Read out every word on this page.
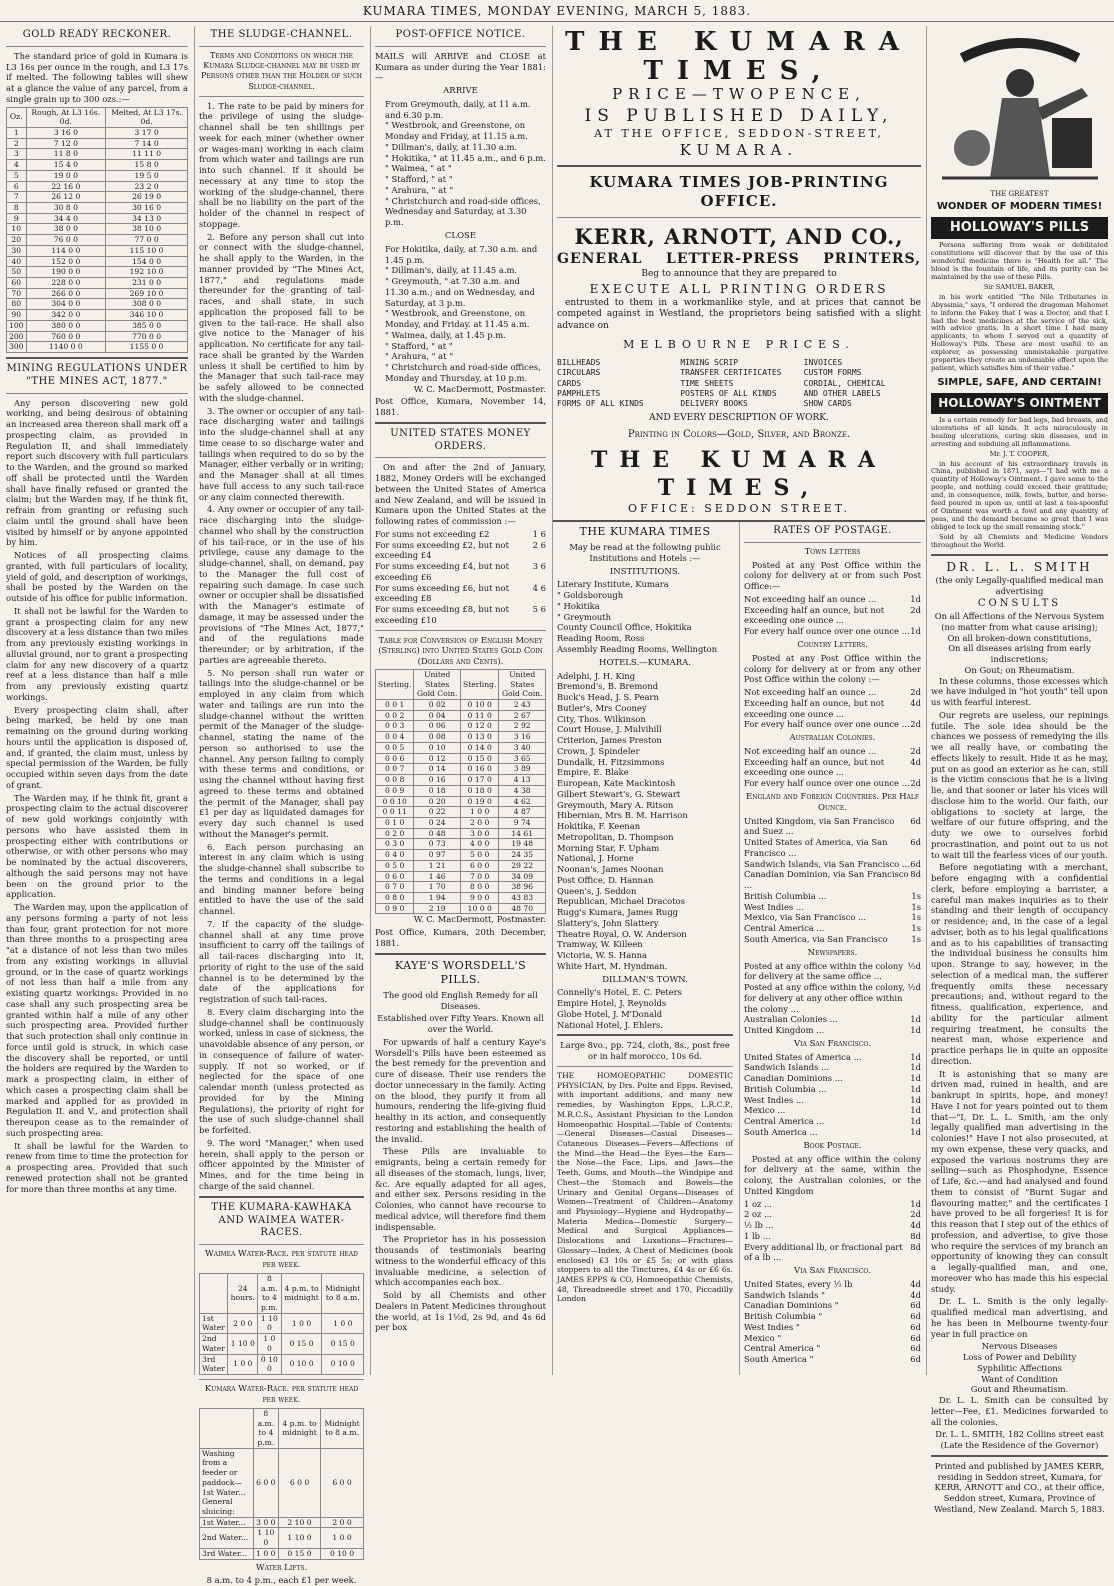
KUMARA TIMES, MONDAY EVENING, MARCH 5, 1883.
GOLD READY RECKONER.

The standard price of gold in Kumara is L3 16s per ounce in the rough, and L3 17s if melted. The following tables will shew at a glance the value of any parcel, from a single grain up to 300 ozs.:—

Oz.	Rough, At L3 16s. 0d.	Melted, At L3 17s. 0d.
1	3 16 0	3 17 0
2	7 12 0	7 14 0
3	11 8 0	11 11 0
4	15 4 0	15 8 0
5	19 0 0	19 5 0
6	22 16 0	23 2 0
7	26 12 0	26 19 0
8	30 8 0	30 16 0
9	34 4 0	34 13 0
10	38 0 0	38 10 0
20	76 0 0	77 0 0
30	114 0 0	115 10 0
40	152 0 0	154 0 0
50	190 0 0	192 10 0
60	228 0 0	231 0 0
70	266 0 0	269 10 0
80	304 0 0	308 0 0
90	342 0 0	346 10 0
100	380 0 0	385 0 0
200	760 0 0	770 0 0
300	1140 0 0	1155 0 0
MINING REGULATIONS UNDER "THE MINES ACT, 1877."

Any person discovering new gold working, and being desirous of obtaining an increased area thereon shall mark off a prospecting claim, as provided in Regulation II, and shall immediately report such discovery with full particulars to the Warden, and the ground so marked off shall be protected until the Warden shall have finally refused or granted the claim; but the Warden may, if he think fit, refrain from granting or refusing such claim until the ground shall have been visited by himself or by anyone appointed by him.

Notices of all prospecting claims granted, with full particulars of locality, yield of gold, and description of workings, shall be posted by the Warden on the outside of his office for public information.

It shall not be lawful for the Warden to grant a prospecting claim for any new discovery at a less distance than two miles from any previously existing workings in alluvial ground, nor to grant a prospecting claim for any new discovery of a quartz reef at a less distance than half a mile from any previously existing quartz workings.

Every prospecting claim shall, after being marked, be held by one man remaining on the ground during working hours until the application is disposed of, and, if granted, the claim must, unless by special permission of the Warden, be fully occupied within seven days from the date of grant.

The Warden may, if he think fit, grant a prospecting claim to the actual discoverer of new gold workings conjointly with persons who have assisted them in prospecting either with contributions or otherwise, or with other persons who may be nominated by the actual discoverers, although the said persons may not have been on the ground prior to the application.

The Warden may, upon the application of any persons forming a party of not less than four, grant protection for not more than three months to a prospecting area "at a distance of not less than two miles from any existing workings in alluvial ground, or in the case of quartz workings of not less than half a mile from any existing quartz workings: Provided in no case shall any such prospecting area be granted within half a mile of any other such prospecting area. Provided further that such protection shall only continue in force until gold is struck, in which case the discovery shall be reported, or until the holders are required by the Warden to mark a prospecting claim, in either of which cases a prospecting claim shall be marked and applied for as provided in Regulation II. and V., and protection shall thereupon cease as to the remainder of such prospecting area.

It shall be lawful for the Warden to renew from time to time the protection for a prospecting area. Provided that such renewed protection shall not be granted for more than three months at any time.

THE SLUDGE-CHANNEL.

Terms and Conditions on which the Kumara Sludge-channel may be used by Persons other than the Holder of such Sludge-channel.

1. The rate to be paid by miners for the privilege of using the sludge-channel shall be ten shillings per week for each miner (whether owner or wages-man) working in each claim from which water and tailings are run into such channel. If it should be necessary at any time to stop the working of the sludge-channel, there shall be no liability on the part of the holder of the channel in respect of stoppage.

2. Before any person shall cut into or connect with the sludge-channel, he shall apply to the Warden, in the manner provided by "The Mines Act, 1877," and regulations made thereunder for the granting of tail-races, and shall state, in such application the proposed fall to be given to the tail-race. He shall also give notice to the Manager of his application. No certificate for any tail-race shall be granted by the Warden unless it shall be certified to him by the Manager that such tail-race may be safely allowed to be connected with the sludge-channel.

3. The owner or occupier of any tail-race discharging water and tailings into the sludge-channel shall at any time cease to so discharge water and tailings when required to do so by the Manager, either verbally or in writing; and the Manager shall at all times have full access to any such tail-race or any claim connected therewith.

4. Any owner or occupier of any tail-race discharging into the sludge-channel who shall by the construction of his tail-race, or in the use of his privilege, cause any damage to the sludge-channel, shall, on demand, pay to the Manager the full cost of repairing such damage. In case such owner or occupier shall be dissatisfied with the Manager's estimate of damage, it may be assessed under the provisions of "The Mines Act, 1877," and of the regulations made thereunder; or by arbitration, if the parties are agreeable thereto.

5. No person shall run water or tailings into the sludge-channel or be employed in any claim from which water and tailings are run into the sludge-channel without the written permit of the Manager of the sludge-channel, stating the name of the person so authorised to use the channel. Any person failing to comply with these terms and conditions, or using the channel without having first agreed to these terms and obtained the permit of the Manager, shall pay £1 per day as liquidated damages for every day such channel is used without the Manager's permit.

6. Each person purchasing an interest in any claim which is using the sludge-channel shall subscribe to the terms and conditions in a legal and binding manner before being entitled to have the use of the said channel.

7. If the capacity of the sludge-channel shall at any time prove insufficient to carry off the tailings of all tail-races discharging into it, priority of right to the use of the said channel is to be determined by the date of the applications for registration of such tail-races.

8. Every claim discharging into the sludge-channel shall be continuously worked, unless in case of sickness, the unavoidable absence of any person, or in consequence of failure of water-supply. If not so worked, or if neglected for the space of one calendar month (unless protected as provided for by the Mining Regulations), the priority of right for the use of such sludge-channel shall be forfeited.

9. The word "Manager," when used herein, shall apply to the person or officer appointed by the Minister of Mines, and for the time being in charge of the said channel.

THE KUMARA-KAWHAKA AND WAIMEA WATER-RACES.
Waimea Water-Race. per statute head per week.
	24 hours.	8 a.m. to 4 p.m.	4 p.m. to midnight	Midnight to 8 a.m.
1st Water	2 0 0	1 10 0	1 0 0	1 0 0
2nd Water	1 10 0	1 0 0	0 15 0	0 15 0
3rd Water	1 0 0	0 10 0	0 10 0	0 10 0
Kumara Water-Race. per statute head per week.
	8 a.m. to 4 p.m.	4 p.m. to midnight	Midnight to 8 a.m.
Washing from a feeder or paddock— 1st Water... General sluicing:	6 0 0	6 0 0	6 0 0
1st Water...	3 0 0	2 10 0	2 0 0
2nd Water...	1 10 0	1 10 0	1 0 0
3rd Water...	1 0 0	0 15 0	0 10 0
Water Lifts.

8 a.m. to 4 p.m., each £1 per week.

POST-OFFICE NOTICE.

MAILS will ARRIVE and CLOSE at Kumara as under during the Year 1881:—

ARRIVE
From Greymouth, daily, at 11 a.m. and 6.30 p.m.
" Westbrook, and Greenstone, on Monday and Friday, at 11.15 a.m.
" Dillman's, daily, at 11.30 a.m.
" Hokitika, " at 11.45 a.m., and 6 p.m.
" Waimea, " at "
" Stafford, " at "
" Arahura, " at "
" Christchurch and road-side offices, Wednesday and Saturday, at 3.30 p.m.
CLOSE
For Hokitika, daily, at 7.30 a.m. and 1.45 p.m.
" Dillman's, daily, at 11.45 a.m.
" Greymouth, " at 7.30 a.m. and 11.30 a.m.; and on Wednesday, and Saturday, at 3 p.m.
" Westbrook, and Greenstone, on Monday, and Friday. at 11.45 a.m.
" Waimea, daily, at 1.45 p.m.
" Stafford, " at "
" Arahura, " at "
" Christchurch and road-side offices, Monday and Thursday, at 10 p.m.

W. C. MacDermott, Postmaster.

Post Office, Kumara, November 14, 1881.

UNITED STATES MONEY ORDERS.

On and after the 2nd of January, 1882, Money Orders will be exchanged between the United States of America and New Zealand, and will be issued in Kumara upon the United States at the following rates of commission :—

For sums not exceeding £2	1 6
For sums exceeding £2, but not exceeding £4
2 6
For sums exceeding £4, but not exceeding £6
3 6
For sums exceeding £6, but not exceeding £8
4 6
For sums exceeding £8, but not exceeding £10
5 6

Table for Conversion of English Money (Sterling) into United States Gold Coin (Dollars and Cents).

Sterling.	United States Gold Coin.	Sterling.	United States Gold Coin.
0 0 1	0 02	0 10 0	2 43
0 0 2	0 04	0 11 0	2 67
0 0 3	0 06	0 12 0	2 92
0 0 4	0 08	0 13 0	3 16
0 0 5	0 10	0 14 0	3 40
0 0 6	0 12	0 15 0	3 65
0 0 7	0 14	0 16 0	3 89
0 0 8	0 16	0 17 0	4 13
0 0 9	0 18	0 18 0	4 38
0 0 10	0 20	0 19 0	4 62
0 0 11	0 22	1 0 0	4 87
0 1 0	0 24	2 0 0	9 74
0 2 0	0 48	3 0 0	14 61
0 3 0	0 73	4 0 0	19 48
0 4 0	0 97	5 0 0	24 35
0 5 0	1 21	6 0 0	29 22
0 6 0	1 46	7 0 0	34 09
0 7 0	1 70	8 0 0	38 96
0 8 0	1 94	9 0 0	43 83
0 9 0	2 19	10 0 0	48 70

W. C. MacDermott, Postmaster.

Post Office, Kumara, 20th December, 1881.

KAYE'S WORSDELL'S PILLS.

The good old English Remedy for all Diseases.

Established over Fifty Years. Known all over the World.

For upwards of half a century Kaye's Worsdell's Pills have been esteemed as the best remedy for the prevention and cure of disease. Their use renders the doctor unnecessary in the family. Acting on the blood, they purify it from all humours, rendering the life-giving fluid healthy in its action, and consequently restoring and establishing the health of the invalid.

These Pills are invaluable to emigrants, being a certain remedy for all diseases of the stomach, lungs, liver, &c. Are equally adapted for all ages, and either sex. Persons residing in the Colonies, who cannot have recourse to medical advice, will therefore find them indispensable.

The Proprietor has in his possession thousands of testimonials bearing witness to the wonderful efficacy of this invaluable medicine, a selection of which accompanies each box.

Sold by all Chemists and other Dealers in Patent Medicines throughout the world, at 1s 1½d, 2s 9d, and 4s 6d per box

THE KUMARA TIMES,
PRICE—TWOPENCE,
IS PUBLISHED DAILY,
AT THE OFFICE, SEDDON-STREET,
KUMARA.
KUMARA TIMES JOB-PRINTING OFFICE.
KERR, ARNOTT, AND CO.,
GENERAL LETTER-PRESS PRINTERS,

Beg to announce that they are prepared to

EXECUTE ALL PRINTING ORDERS

entrusted to them in a workmanlike style, and at prices that cannot be competed against in Westland, the proprietors being satisfied with a slight advance on

MELBOURNE PRICES.
BILLHEADS	MINING SCRIP	INVOICES
CIRCULARS	TRANSFER CERTIFICATES	CUSTOM FORMS
CARDS	TIME SHEETS	CORDIAL, CHEMICAL
PAMPHLETS	POSTERS OF ALL KINDS	AND OTHER LABELS
FORMS OF ALL KINDS	DELIVERY BOOKS	SHOW CARDS

AND EVERY DESCRIPTION OF WORK.

Printing in Colors—Gold, Silver, and Bronze.
THE KUMARA TIMES,
OFFICE: SEDDON STREET.
THE KUMARA TIMES

May be read at the following public Institutions and Hotels :—

INSTITUTIONS.
Literary Institute, Kumara
" Goldsborough
" Hokitika
" Greymouth
County Council Office, Hokitika
Reading Room, Ross
Assembly Reading Rooms, Wellington
HOTELS.—KUMARA.
Adelphi, J. H. King
Bremond's, B. Bremond
Buck's Head, J. S. Pearn
Butler's, Mrs Cooney
City, Thos. Wilkinson
Court House, J. Mulvihill
Criterion, James Preston
Crown, J. Spindeler
Dundalk, H. Fitzsimmons
Empire, E. Blake
European, Kate Mackintosh
Gilbert Stewart's, G. Stewart
Greymouth, Mary A. Ritson
Hibernian, Mrs B. M. Harrison
Hokitika, F. Keenan
Metropolitan, D. Thompson
Morning Star, F. Upham
National, J. Horne
Noonan's, James Noonan
Post Office, D. Hannan
Queen's, J. Seddon
Republican, Michael Dracotos
Rugg's Kumara, James Rugg
Slattery's, John Slattery
Theatre Royal, O. W. Anderson
Tramway, W. Killeen
Victoria, W. S. Hanna
White Hart, M. Hyndman.
DILLMAN'S TOWN.
Connelly's Hotel, E. C. Peters
Empire Hotel, J. Reynolds
Globe Hotel, J. M'Donald
National Hotel, J. Ehlers.

Large 8vo., pp. 724, cloth, 8s., post free or in half morocco, 10s 6d.

THE HOMOEOPATHIC DOMESTIC PHYSICIAN, by Drs. Pulte and Epps. Revised, with important additions, and many new remedies, by Washington Epps, L.R.C.P., M.R.C.S., Assistant Physician to the London Homoeopathic Hospital.—Table of Contents:—General Diseases—Casual Diseases—Cutaneous Diseases—Fevers—Affections of the Mind—the Head—the Eyes—the Ears—the Nose—the Face, Lips, and Jaws—the Teeth, Gums, and Mouth—the Windpipe and Chest—the Stomach and Bowels—the Urinary and Genital Organs—Diseases of Women—Treatment of Children—Anatomy and Physiology—Hygiene and Hydropathy—Materia Medica—Domestic Surgery—Medical and Surgical Appliances—Dislocations and Luxations—Fractures—Glossary—Index. A Chest of Medicines (book enclosed) £3 10s or £5 5s; or with glass stoppers to all the Tinctures, £4 4s or £6 6s. JAMES EPPS & CO, Homoeopathic Chemists, 48, Threadneedle street and 170, Piccadilly London

RATES OF POSTAGE.
Town Letters

Posted at any Post Office within the colony for delivery at or from such Post Office:—

Not exceeding half an ounce ...	1d
Exceeding half an ounce, but not exceeding one ounce ...
2d
For every half ounce over one ounce ... 1d
Country Letters.

Posted at any Post Office within the colony for delivery at or from any other Post Office within the colony :—

Not exceeding half an ounce ...	2d
Exceeding half an ounce, but not exceeding one ounce ...
4d
For every half ounce over one ounce ... 2d
Australian Colonies.
Not exceeding half an ounce ...	2d
Exceeding half an ounce, but not exceeding one ounce ...
4d
For every half ounce over one ounce ... 2d
England and Foreign Countries. Per Half Ounce.
United Kingdom, via San Francisco and Suez ...
6d
United States of America, via San Francisco ...
6d
Sandwich Islands, via San Francisco ... 6d
Canadian Dominion, via San Francisco ...
8d
British Columbia ...	1s
West Indies ...	1s
Mexico, via San Francisco ...	1s
Central America ...	1s
South America, via San Francisco	1s
Newspapers.
Posted at any office within the colony for delivery at the same office ...
½d
Posted at any office within the colony, for delivery at any other office within the colony ...
½d
Australian Colonies ...	1d
United Kingdom ...	1d
Via San Francisco.
United States of America ...	1d
Sandwich Islands ...	1d
Canadian Dominions ...	1d
British Columbia ...	1d
West Indies ...	1d
Mexico ...	1d
Central America ...	1d
South America ...	1d
Book Postage.

Posted at any office within the colony for delivery at the same, within the colony, the Australian colonies, or the United Kingdom

1 oz ...	1d
2 oz ...	2d
½ lb ...	4d
1 lb ...	8d
Every additional lb, or fractional part of a lb ...
8d
Via San Francisco.
United States, every ½ lb	4d
Sandwich Islands "	4d
Canadian Dominions "	6d
British Columbia "	6d
West Indies "	6d
Mexico "	6d
Central America "	6d
South America "	6d

THE GREATEST

WONDER OF MODERN TIMES!
HOLLOWAY'S PILLS

Persons suffering from weak or debilitated constitutions will discover that by the use of this wonderful medicine there is "Health for all." The blood is the fountain of life, and its purity can be maintained by the use of these Pills.

Sir SAMUEL BAKER,

in his work entitled "The Nile Tributaries in Abyssinia," says, "I ordered the dragoman Mahomet to inform the Fakey that I was a Doctor, and that I had the best medicines at the service of the sick, with advice gratis. In a short time I had many applicants, to whom I served out a quantity of Holloway's Pills. These are most useful to an explorer, as possessing unmistakable purgative properties they create an undeniable effect upon the patient, which satisfies him of their value."

SIMPLE, SAFE, AND CERTAIN!
HOLLOWAY'S OINTMENT

Is a certain remedy for bad legs, bad breasts, and ulcerations of all kinds. It acts miraculously in healing ulcerations, curing skin diseases, and in arresting and subduing all inflammations.

Mr. J. T. COOPER,

in his account of his extraordinary travels in China, published in 1871, says—"I had with me a quantity of Holloway's Ointment. I gave some to the people, and nothing could exceed their gratitude; and, in consequence, milk, fowls, butter, and horse-feed poured in upon us, until at last a tea-spoonful of Ointment was worth a fowl and any quantity of peas, and the demand became so great that I was obliged to lock up the small remaining stock."

Sold by all Chemists and Medicine Vendors throughout the World.

DR. L. L. SMITH

(the only Legally-qualified medical man advertising

CONSULTS
On all Affections of the Nervous System (no matter from what cause arising);
On all broken-down constitutions,
On all diseases arising from early indiscretions;
On Gout; on Rheumatism.

In these columns, those excesses which we have indulged in "hot youth" tell upon us with fearful interest.

Our regrets are useless, our repinings futile. The sole idea should be the chances we possess of remedying the ills we all really have, or combating the effects likely to result. Hide it as he may, put on as good an exterior as he can, still is the victim conscious that he is a living lie, and that sooner or later his vices will disclose him to the world. Our faith, our obligations to society at large, the welfare of our future offspring, and the duty we owe to ourselves forbid procrastination, and point out to us not to wait till the fearless vices of our youth.

Before negotiating with a merchant, before engaging with a confidential clerk, before employing a barrister, a careful man makes inquiries as to their standing and their length of occupancy or residence; and, in the case of a legal adviser, both as to his legal qualifications and as to his capabilities of transacting the individual business he consults him upon. Strange to say, however, in the selection of a medical man, the sufferer frequently omits these necessary precautions; and, without regard to the fitness, qualification, experience, and ability for the particular ailment requiring treatment, he consults the nearest man, whose experience and practice perhaps lie in quite an opposite direction.

It is astonishing that so many are driven mad, ruined in health, and are bankrupt in spirits, hope, and money! Have I not for years pointed out to them that—"I, Dr. L. L. Smith, am the only legally qualified man advertising in the colonies!" Have I not also prosecuted, at my own expense, these very quacks, and exposed the various nostrums they are selling—such as Phosphodyne, Essence of Life, &c.—and had analysed and found them to consist of "Burnt Sugar and flavouring matter," and the certificates I have proved to be all forgeries! It is for this reason that I step out of the ethics of profession, and advertise, to give those who require the services of my branch an opportunity of knowing they can consult a legally-qualified man, and one, moreover who has made this his especial study.

Dr. L. L. Smith is the only legally-qualified medical man advertising, and he has been in Melbourne twenty-four year in full practice on

Nervous Diseases
Loss of Power and Debility
Syphilitic Affections
Want of Condition
Gout and Rheumatism.

Dr. L. L. Smith can be consulted by letter—Fee, £1. Medicines forwarded to all the colonies.

Dr. L. L. SMITH, 182 Collins street east (Late the Residence of the Governor)

Printed and published by JAMES KERR, residing in Seddon street, Kumara, for KERR, ARNOTT and CO., at their office, Seddon street, Kumara, Province of Westland, New Zealand. March 5, 1883.
